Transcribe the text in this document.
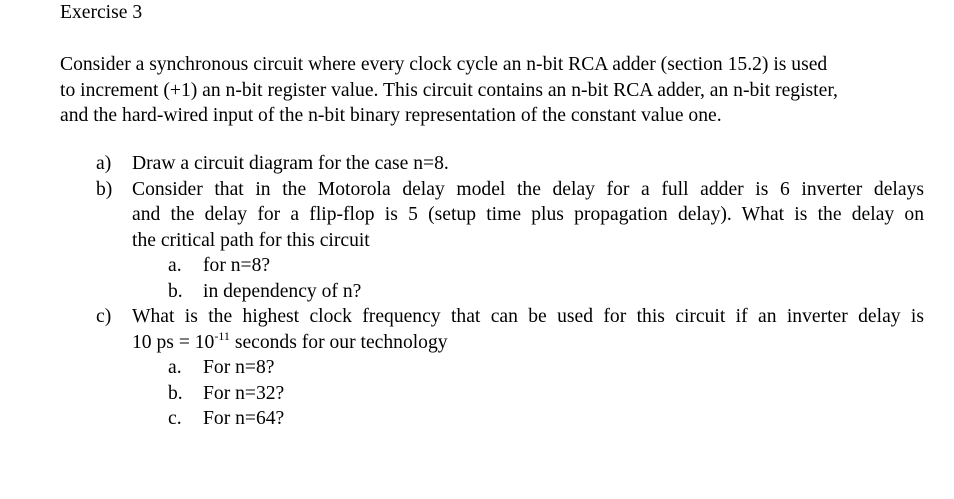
Exercise 3
Consider a synchronous circuit where every clock cycle an n-bit RCA adder (section 15.2) is used
to increment (+1) an n-bit register value. This circuit contains an n-bit RCA adder, an n-bit register,
and the hard-wired input of the n-bit binary representation of the constant value one.
a) Draw a circuit diagram for the case n=8.
b) Consider that in the Motorola delay model the delay for a full adder is 6 inverter delays
and the delay for a flip-flop is 5 (setup time plus propagation delay). What is the delay on
the critical path for this circuit
a. for n=8?
b. in dependency of n?
c) What is the highest clock frequency that can be used for this circuit if an inverter delay is
10 ps = $10^{-11}$ seconds for our technology
a. For n=8?
b. For n=32?
c. For n=64?
